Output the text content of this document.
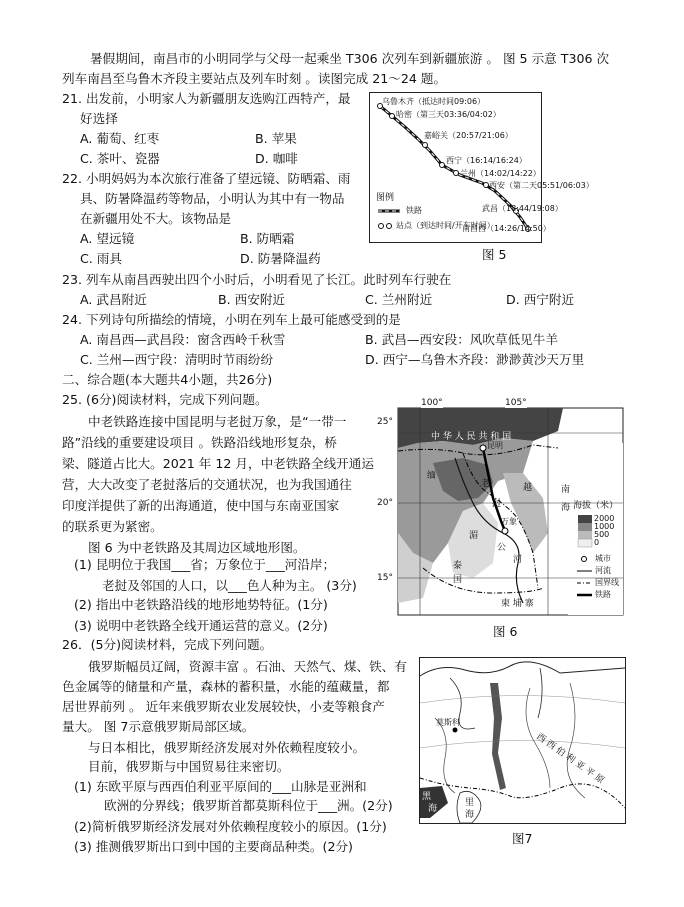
暑假期间，南昌市的小明同学与父母一起乘坐 T306 次列车到新疆旅游 。 图 5 示意 T306 次
列车南昌至乌鲁木齐段主要站点及列车时刻 。读图完成 21～24 题。
21. 出发前，小明家人为新疆朋友选购江西特产，最
好选择
A. 葡萄、红枣	B. 苹果
C. 茶叶、瓷器	D. 咖啡
22. 小明妈妈为本次旅行准备了望远镜、防晒霜、雨
具、防暑降温药等物品，小明认为其中有一物品
在新疆用处不大。该物品是
A. 望远镜	B. 防晒霜
C. 雨具	D. 防暑降温药
乌鲁木齐（抵达时间09:06）
哈密（第三天03:36/04:02）
嘉峪关（20:57/21:06）
西宁（16:14/16:24）
兰州（14:02/14:22）
西安（第二天05:51/06:03）
武昌（18:44/19:08）
南昌西（14:26/14:50）
图例
铁路
站点（到达时间/开车时间）
图 5
23. 列车从南昌西驶出四个小时后，小明看见了长江。此时列车行驶在
A. 武昌附近	B. 西安附近	C. 兰州附近	D. 西宁附近
24. 下列诗句所描绘的情境，小明在列车上最可能感受到的是
A. 南昌西—武昌段：窗含西岭千秋雪	B. 武昌—西安段：风吹草低见牛羊
C. 兰州—西宁段：清明时节雨纷纷	D. 西宁—乌鲁木齐段：渺渺黄沙天万里
二、综合题(本大题共4小题，共26分)
25. (6分)阅读材料，完成下列问题。
中老铁路连接中国昆明与老挝万象，是“一带一
路”沿线的重要建设项目 。铁路沿线地形复杂，桥
梁、隧道占比大。2021 年 12 月，中老铁路全线开通运
营，大大改变了老挝落后的交通状况，也为我国通往
印度洋提供了新的出海通道，使中国与东南亚国家
的联系更为紧密。
图 6 为中老铁路及其周边区域地形图。
(1) 昆明位于我国___省；万象位于___河沿岸；
老挝及邻国的人口，以___色人种为主。 (3分)
(2) 指出中老铁路沿线的地形地势特征。(1分)
(3) 说明中老铁路全线开通运营的意义。(2分)
100°	105°
25°
20°
15°
中 华 人 民 共 和 国
昆明
缅
老
挝
越	南
海
万象
湄
公
河
泰
国
柬 埔 寨
海拔（米）
2000
1000
500
0
城市
河流
国界线
铁路
图 6
26．(5分)阅读材料，完成下列问题。
俄罗斯幅员辽阔，资源丰富 。石油、天然气、煤、铁、有
色金属等的储量和产量，森林的蓄积量，水能的蕴藏量，都
居世界前列 。 近年来俄罗斯农业发展较快，小麦等粮食产
量大。 图 7示意俄罗斯局部区域。
与日本相比，俄罗斯经济发展对外依赖程度较小。
目前，俄罗斯与中国贸易往来密切。
(1) 东欧平原与西西伯利亚平原间的___山脉是亚洲和
欧洲的分界线；俄罗斯首都莫斯科位于___洲。(2分)
(2)简析俄罗斯经济发展对外依赖程度较小的原因。(1分)
(3) 推测俄罗斯出口到中国的主要商品种类。(2分)
莫斯科
西 西 伯 利 亚 平 原
黑
海
里
海
图7
